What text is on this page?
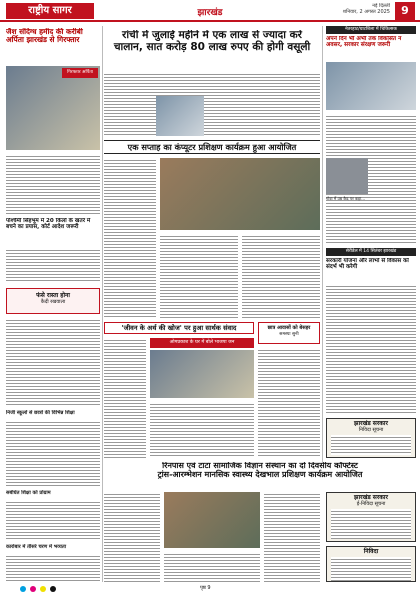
राष्ट्रीय सागर	झारखंड
नई दिल्ली
शनिवार, 2 अगस्त 2025	9
रांची में जुलाई महीने में एक लाख से ज्यादा करें
चालान, सात करोड़ 80 लाख रुपए की होगी वसूली
जैश संदिग्ध हमीद की करीबी अर्पिता झारखंड से गिरफ्तार
गिरफ्तार अर्पिता
पश्चिमी सिंहभूम में 20 किलो के खतरे में बचने का प्रयास, कोर्ट आदेश जरूरी
फंसे रास्ता होना
कैदी रखवाला
निजी स्कूलों से छात्रों की विभिन्न शिक्षा
सबंधित शिक्षा को प्रोग्राम
कारोबार में तीसरे चरण में भव्यता
एक सप्ताह का कंप्यूटर प्रशिक्षण कार्यक्रम हुआ आयोजित
'जीवन के अर्थ की खोज' पर हुआ सार्थक संवाद
ओमप्रकाश के घर में बोले भाजपा जन
छात्र आवासों को बेसहर
समस्या सुनी
रिनपास एवं टाटा सामाजिक विज्ञान संस्थान का दो दिवसीय कॉफ्टेस्ट
ट्रांस-आरम्भेशन मानसिक स्वास्थ्य देखभाल प्रशिक्षण कार्यक्रम आयोजित
नेतरहाट/घाटशिला में चिकित्सक
अपने दिन भी अभी तक विकसित न अवसर, सरकार संरक्षण जरूरी
गोवा में उम्र कैद पर कहा...
सेरीडेल में 14 सितंबर झारखंड
सरकारी योजना और लाभों से विकास को संदर्भ भी करेगी
झारखंड सरकार
निविदा सूचना
झारखंड सरकार
ई-निविदा सूचना
निविदा
पृष्ठ 9
